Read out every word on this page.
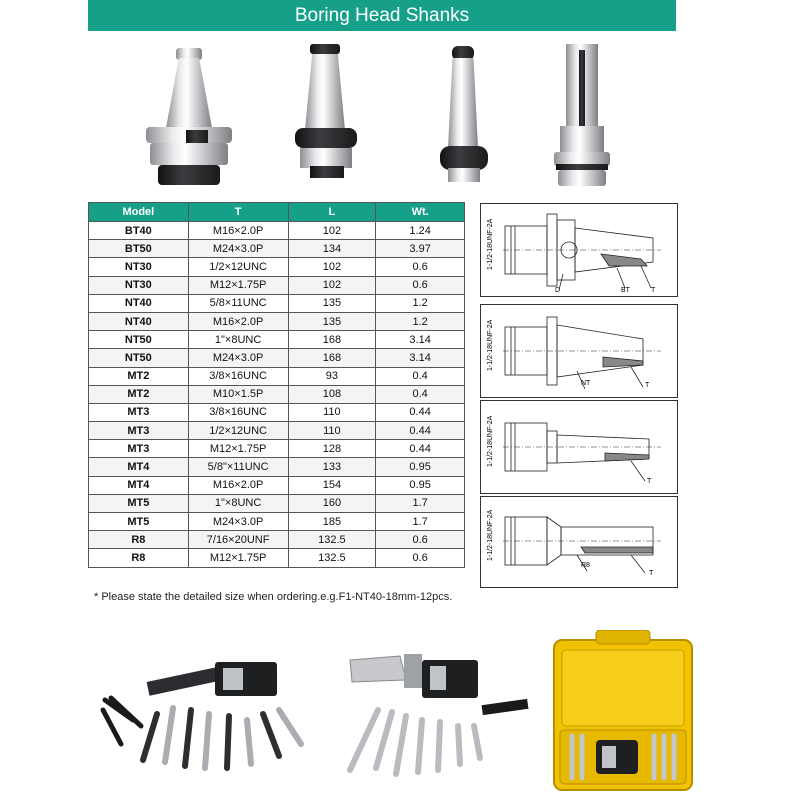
Boring Head Shanks
Model	T	L	Wt.
BT40	M16×2.0P	102	1.24
BT50	M24×3.0P	134	3.97
NT30	1/2×12UNC	102	0.6
NT30	M12×1.75P	102	0.6
NT40	5/8×11UNC	135	1.2
NT40	M16×2.0P	135	1.2
NT50	1"×8UNC	168	3.14
NT50	M24×3.0P	168	3.14
MT2	3/8×16UNC	93	0.4
MT2	M10×1.5P	108	0.4
MT3	3/8×16UNC	110	0.44
MT3	1/2×12UNC	110	0.44
MT3	M12×1.75P	128	0.44
MT4	5/8"×11UNC	133	0.95
MT4	M16×2.0P	154	0.95
MT5	1"×8UNC	160	1.7
MT5	M24×3.0P	185	1.7
R8	7/16×20UNF	132.5	0.6
R8	M12×1.75P	132.5	0.6
* Please state the detailed size when ordering.e.g.F1-NT40-18mm-12pcs.
1-1/2-18UNF-2A
D	BT	T
1-1/2-18UNF-2A
NT	T
1-1/2-18UNF-2A
T
1-1/2-18UNF-2A
R8
T
